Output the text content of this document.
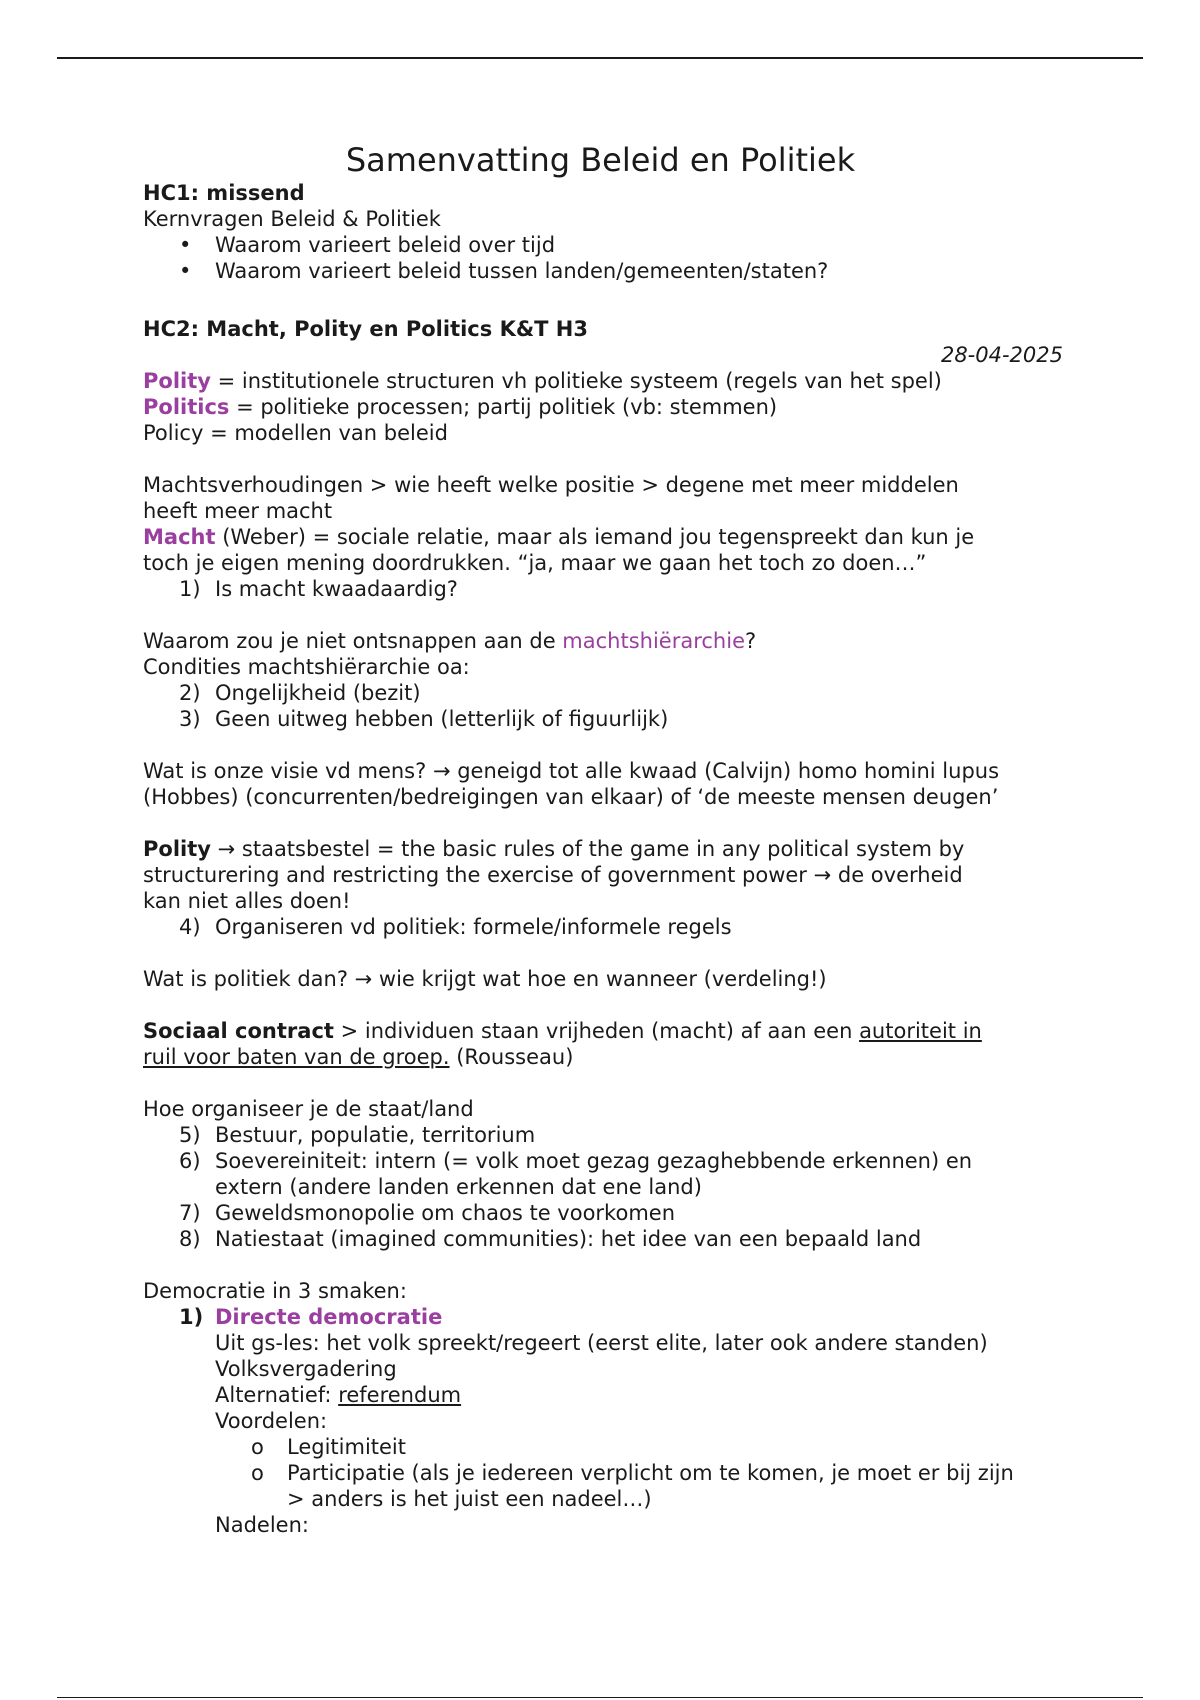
Samenvatting Beleid en Politiek
HC1: missend
Kernvragen Beleid & Politiek
• Waarom varieert beleid over tijd
• Waarom varieert beleid tussen landen/gemeenten/staten?
HC2: Macht, Polity en Politics K&T H3
28-04-2025
Polity = institutionele structuren vh politieke systeem (regels van het spel)
Politics = politieke processen; partij politiek (vb: stemmen)
Policy = modellen van beleid
Machtsverhoudingen > wie heeft welke positie > degene met meer middelen
heeft meer macht
Macht (Weber) = sociale relatie, maar als iemand jou tegenspreekt dan kun je
toch je eigen mening doordrukken. “ja, maar we gaan het toch zo doen…”
1) Is macht kwaadaardig?
Waarom zou je niet ontsnappen aan de machtshiërarchie?
Condities machtshiërarchie oa:
2) Ongelijkheid (bezit)
3) Geen uitweg hebben (letterlijk of figuurlijk)
Wat is onze visie vd mens? → geneigd tot alle kwaad (Calvijn) homo homini lupus
(Hobbes) (concurrenten/bedreigingen van elkaar) of ‘de meeste mensen deugen’
Polity → staatsbestel = the basic rules of the game in any political system by
structurering and restricting the exercise of government power → de overheid
kan niet alles doen!
4) Organiseren vd politiek: formele/informele regels
Wat is politiek dan? → wie krijgt wat hoe en wanneer (verdeling!)
Sociaal contract > individuen staan vrijheden (macht) af aan een autoriteit in
ruil voor baten van de groep. (Rousseau)
Hoe organiseer je de staat/land
5) Bestuur, populatie, territorium
6) Soevereiniteit: intern (= volk moet gezag gezaghebbende erkennen) en
extern (andere landen erkennen dat ene land)
7) Geweldsmonopolie om chaos te voorkomen
8) Natiestaat (imagined communities): het idee van een bepaald land
Democratie in 3 smaken:
1) Directe democratie
Uit gs-les: het volk spreekt/regeert (eerst elite, later ook andere standen)
Volksvergadering
Alternatief: referendum
Voordelen:
o Legitimiteit
o Participatie (als je iedereen verplicht om te komen, je moet er bij zijn
> anders is het juist een nadeel…)
Nadelen:
